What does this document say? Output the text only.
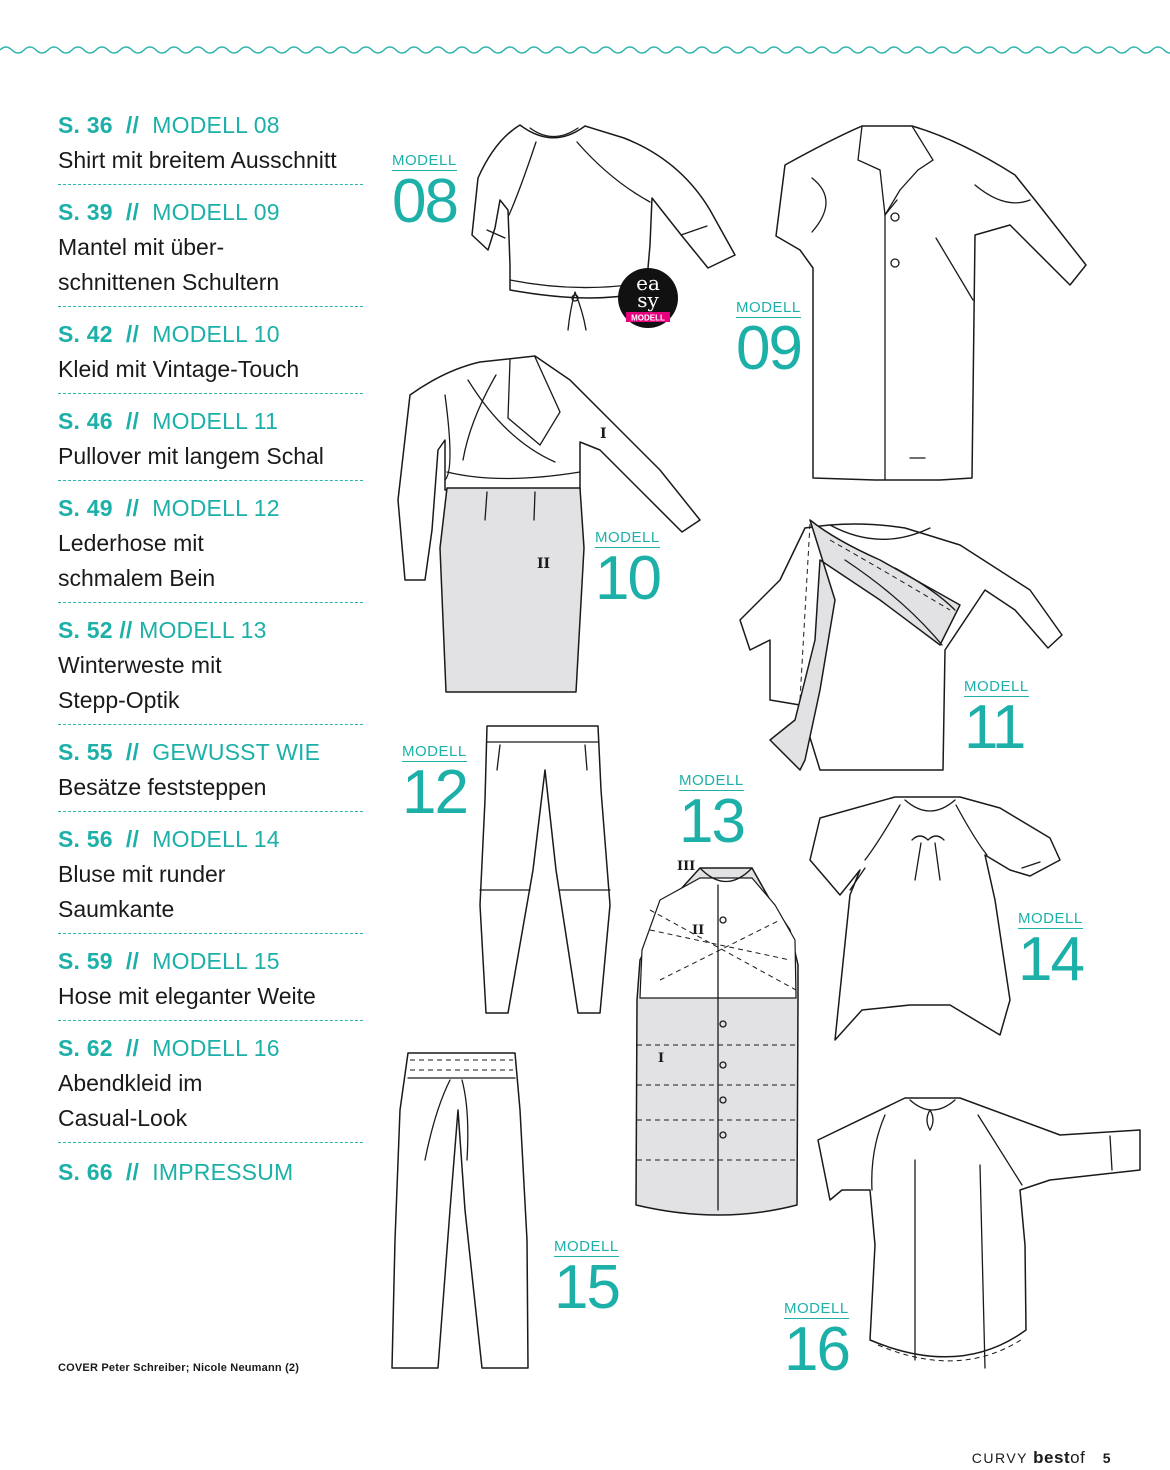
S. 36 // MODELL 08
Shirt mit breitem Ausschnitt
S. 39 // MODELL 09
Mantel mit über-
schnittenen Schultern
S. 42 // MODELL 10
Kleid mit Vintage-Touch
S. 46 // MODELL 11
Pullover mit langem Schal
S. 49 // MODELL 12
Lederhose mit
schmalem Bein
S. 52 // MODELL 13
Winterweste mit
Stepp-Optik
S. 55 // GEWUSST WIE
Besätze feststeppen
S. 56 // MODELL 14
Bluse mit runder
Saumkante
S. 59 // MODELL 15
Hose mit eleganter Weite
S. 62 // MODELL 16
Abendkleid im
Casual-Look
S. 66 // IMPRESSUM
COVER Peter Schreiber; Nicole Neumann (2)
CURVY bestof 5
ea
sy
MODELL
I
II
III
II
I
MODELL
08
MODELL
09
MODELL
10
MODELL
11
MODELL
12	MODELL
13
MODELL
14
MODELL
15	MODELL
16
